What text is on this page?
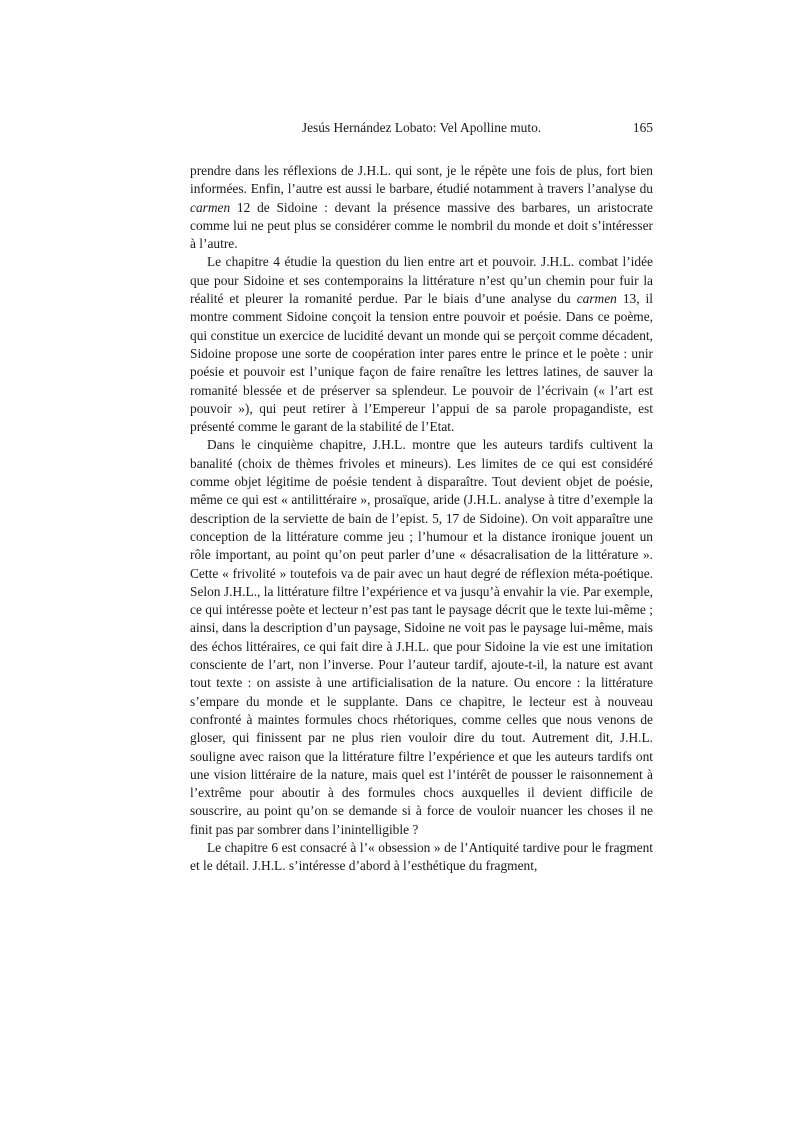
Jesús Hernández Lobato: Vel Apolline muto.	165

prendre dans les réflexions de J.H.L. qui sont, je le répète une fois de plus, fort bien informées. Enfin, l’autre est aussi le barbare, étudié notamment à travers l’analyse du carmen 12 de Sidoine : devant la présence massive des barbares, un aristocrate comme lui ne peut plus se considérer comme le nombril du monde et doit s’intéresser à l’autre.

Le chapitre 4 étudie la question du lien entre art et pouvoir. J.H.L. combat l’idée que pour Sidoine et ses contemporains la littérature n’est qu’un chemin pour fuir la réalité et pleurer la romanité perdue. Par le biais d’une analyse du carmen 13, il montre comment Sidoine conçoit la tension entre pouvoir et poésie. Dans ce poème, qui constitue un exercice de lucidité devant un monde qui se perçoit comme décadent, Sidoine propose une sorte de coopération inter pares entre le prince et le poète : unir poésie et pouvoir est l’unique façon de faire renaître les lettres latines, de sauver la romanité blessée et de préserver sa splendeur. Le pouvoir de l’écrivain (« l’art est pouvoir »), qui peut retirer à l’Empereur l’appui de sa parole propagandiste, est présenté comme le garant de la stabilité de l’Etat.

Dans le cinquième chapitre, J.H.L. montre que les auteurs tardifs cultivent la banalité (choix de thèmes frivoles et mineurs). Les limites de ce qui est considéré comme objet légitime de poésie tendent à disparaître. Tout devient objet de poésie, même ce qui est « antilittéraire », prosaïque, aride (J.H.L. analyse à titre d’exemple la description de la serviette de bain de l’epist. 5, 17 de Sidoine). On voit apparaître une conception de la littérature comme jeu ; l’humour et la distance ironique jouent un rôle important, au point qu’on peut parler d’une « désacralisation de la littérature ». Cette « frivolité » toutefois va de pair avec un haut degré de réflexion méta-poétique. Selon J.H.L., la littérature filtre l’expérience et va jusqu’à envahir la vie. Par exemple, ce qui intéresse poète et lecteur n’est pas tant le paysage décrit que le texte lui-même ; ainsi, dans la description d’un paysage, Sidoine ne voit pas le paysage lui-même, mais des échos littéraires, ce qui fait dire à J.H.L. que pour Sidoine la vie est une imitation consciente de l’art, non l’inverse. Pour l’auteur tardif, ajoute-t-il, la nature est avant tout texte : on assiste à une artificialisation de la nature. Ou encore : la littérature s’empare du monde et le supplante. Dans ce chapitre, le lecteur est à nouveau confronté à maintes formules chocs rhétoriques, comme celles que nous venons de gloser, qui finissent par ne plus rien vouloir dire du tout. Autrement dit, J.H.L. souligne avec raison que la littérature filtre l’expérience et que les auteurs tardifs ont une vision littéraire de la nature, mais quel est l’intérêt de pousser le raisonnement à l’extrême pour aboutir à des formules chocs auxquelles il devient difficile de souscrire, au point qu’on se demande si à force de vouloir nuancer les choses il ne finit pas par sombrer dans l’inintelligible ?

Le chapitre 6 est consacré à l’« obsession » de l’Antiquité tardive pour le fragment et le détail. J.H.L. s’intéresse d’abord à l’esthétique du fragment,
